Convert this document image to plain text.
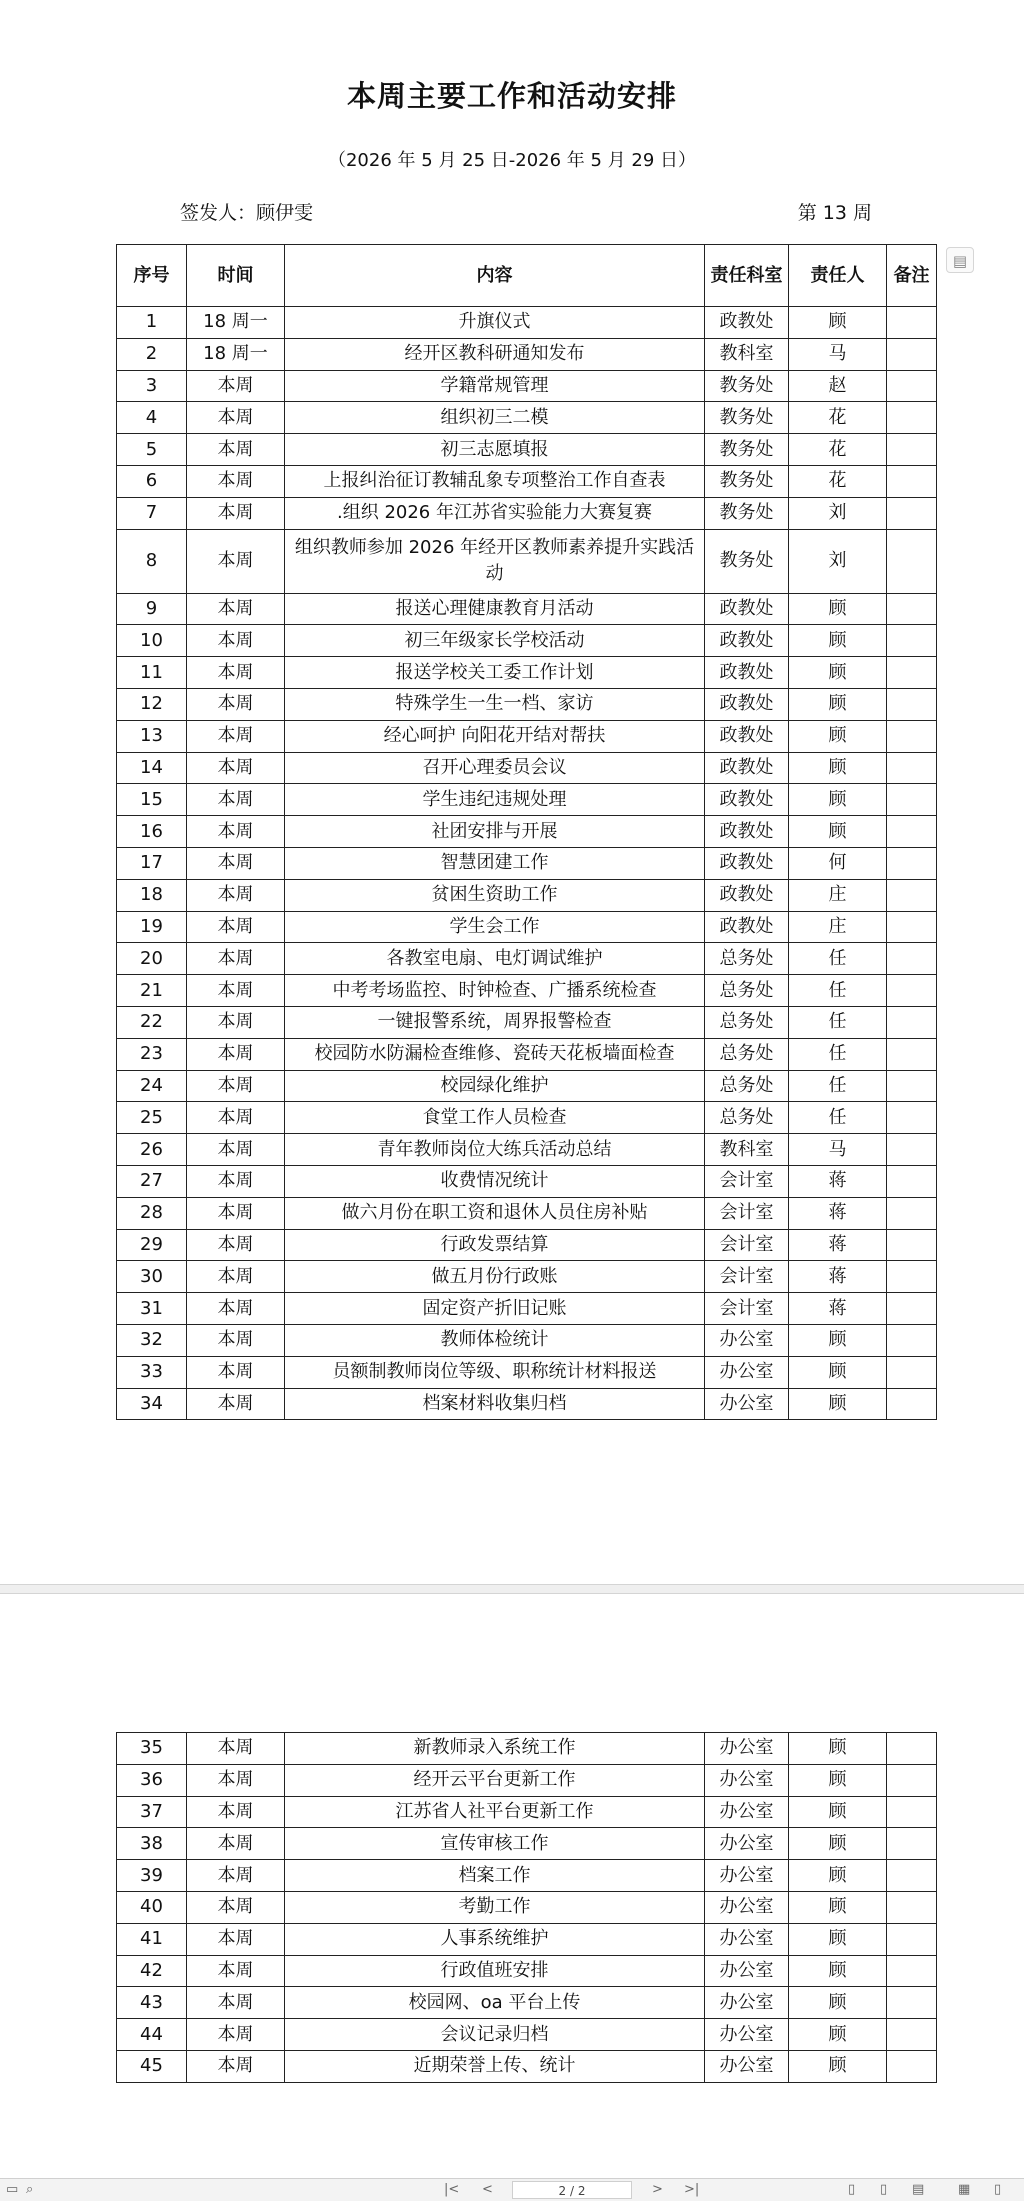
本周主要工作和活动安排
（2026 年 5 月 25 日-2026 年 5 月 29 日）
签发人：顾伊雯	第 13 周
▤
序号	时间	内容	责任科室	责任人	备注
1	18 周一	升旗仪式	政教处	顾	
2	18 周一	经开区教科研通知发布	教科室	马	
3	本周	学籍常规管理	教务处	赵	
4	本周	组织初三二模	教务处	花	
5	本周	初三志愿填报	教务处	花	
6	本周	上报纠治征订教辅乱象专项整治工作自查表	教务处	花	
7	本周	.组织 2026 年江苏省实验能力大赛复赛	教务处	刘	
8	本周	组织教师参加 2026 年经开区教师素养提升实践活动	教务处	刘	
9	本周	报送心理健康教育月活动	政教处	顾	
10	本周	初三年级家长学校活动	政教处	顾	
11	本周	报送学校关工委工作计划	政教处	顾	
12	本周	特殊学生一生一档、家访	政教处	顾	
13	本周	经心呵护 向阳花开结对帮扶	政教处	顾	
14	本周	召开心理委员会议	政教处	顾	
15	本周	学生违纪违规处理	政教处	顾	
16	本周	社团安排与开展	政教处	顾	
17	本周	智慧团建工作	政教处	何	
18	本周	贫困生资助工作	政教处	庄	
19	本周	学生会工作	政教处	庄	
20	本周	各教室电扇、电灯调试维护	总务处	任	
21	本周	中考考场监控、时钟检查、广播系统检查	总务处	任	
22	本周	一键报警系统，周界报警检查	总务处	任	
23	本周	校园防水防漏检查维修、瓷砖天花板墙面检查	总务处	任	
24	本周	校园绿化维护	总务处	任	
25	本周	食堂工作人员检查	总务处	任	
26	本周	青年教师岗位大练兵活动总结	教科室	马	
27	本周	收费情况统计	会计室	蒋	
28	本周	做六月份在职工资和退休人员住房补贴	会计室	蒋	
29	本周	行政发票结算	会计室	蒋	
30	本周	做五月份行政账	会计室	蒋	
31	本周	固定资产折旧记账	会计室	蒋	
32	本周	教师体检统计	办公室	顾	
33	本周	员额制教师岗位等级、职称统计材料报送	办公室	顾	
34	本周	档案材料收集归档	办公室	顾	
35	本周	新教师录入系统工作	办公室	顾	
36	本周	经开云平台更新工作	办公室	顾	
37	本周	江苏省人社平台更新工作	办公室	顾	
38	本周	宣传审核工作	办公室	顾	
39	本周	档案工作	办公室	顾	
40	本周	考勤工作	办公室	顾	
41	本周	人事系统维护	办公室	顾	
42	本周	行政值班安排	办公室	顾	
43	本周	校园网、oa 平台上传	办公室	顾	
44	本周	会议记录归档	办公室	顾	
45	本周	近期荣誉上传、统计	办公室	顾	
▭ ⌕	|< <	2 / 2	> >|	▯ ▯ ▤	▦ ▯
